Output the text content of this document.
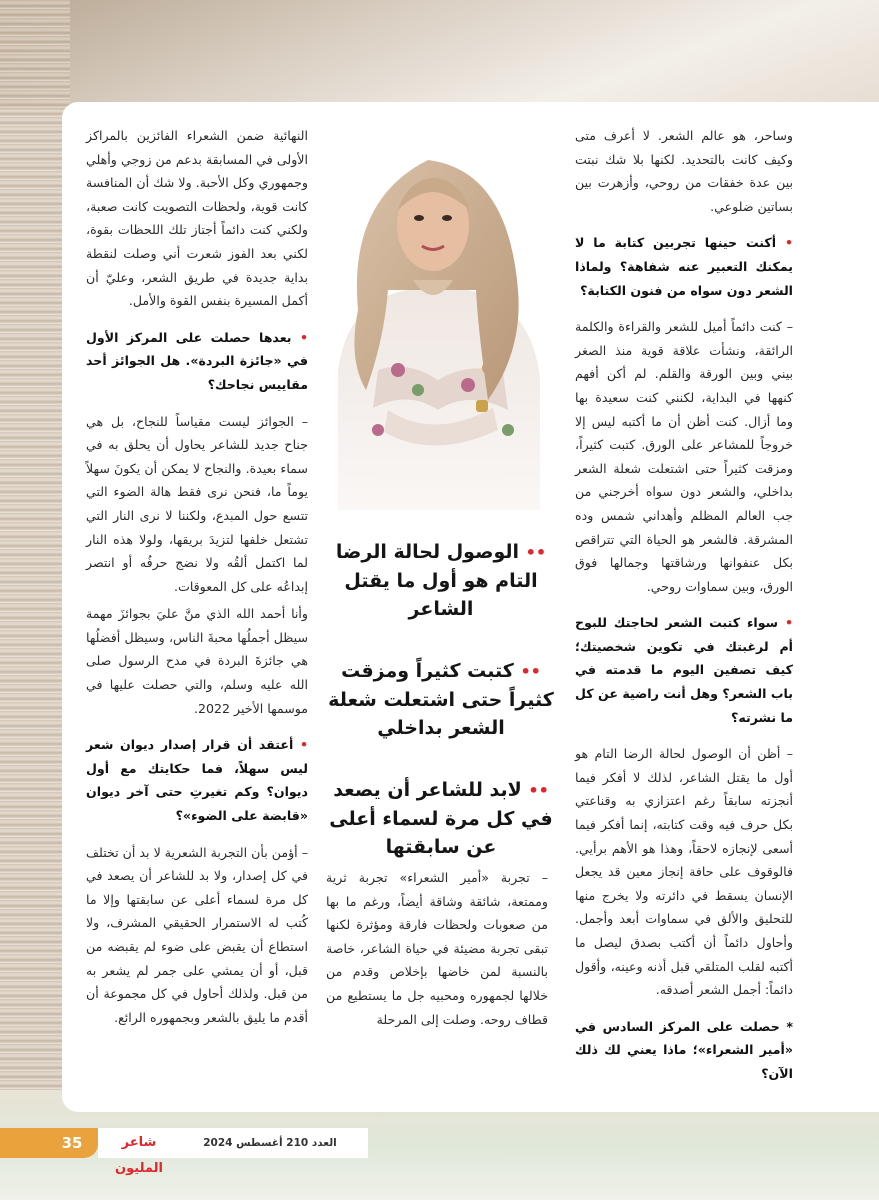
وساحر، هو عالم الشعر. لا أعرف متى وكيف كانت بالتحديد. لكنها بلا شك نبتت بين عدة خفقات من روحي، وأزهرت بين بساتين ضلوعي.

• أكنت حينها تجربين كتابة ما لا يمكنك التعبير عنه شفاهة؟ ولماذا الشعر دون سواه من فنون الكتابة؟

– كنت دائماً أميل للشعر والقراءة والكلمة الرائقة، ونشأت علاقة قوية منذ الصغر بيني وبين الورقة والقلم. لم أكن أفهم كنهها في البداية، لكنني كنت سعيدة بها وما أزال. كنت أظن أن ما أكتبه ليس إلا خروجاً للمشاعر على الورق. كتبت كثيراً، ومزقت كثيراً حتى اشتعلت شعلة الشعر بداخلي، والشعر دون سواه أخرجني من جب العالم المظلم وأهداني شمس وده المشرقة. فالشعر هو الحياة التي تتراقص بكل عنفوانها ورشاقتها وجمالها فوق الورق، وبين سماوات روحي.

• سواء كتبت الشعر لحاجتك للبوح أم لرغبتك في تكوين شخصيتك؛ كيف تصفين اليوم ما قدمته في باب الشعر؟ وهل أنت راضية عن كل ما نشرته؟

– أظن أن الوصول لحالة الرضا التام هو أول ما يقتل الشاعر، لذلك لا أفكر فيما أنجزته سابقاً رغم اعتزازي به وقناعتي بكل حرف فيه وقت كتابته، إنما أفكر فيما أسعى لإنجازه لاحقاً، وهذا هو الأهم برأيي. فالوقوف على حافة إنجاز معين قد يجعل الإنسان يسقط في دائرته ولا يخرج منها للتحليق والألق في سماوات أبعد وأجمل. وأحاول دائماً أن أكتب بصدق ليصل ما أكتبه لقلب المتلقي قبل أذنه وعينه، وأقول دائماً: أجمل الشعر أصدقه.

* حصلت على المركز السادس في «أمير الشعراء»؛ ماذا يعني لك ذلك الآن؟

•• الوصول لحالة الرضا التام هو أول ما يقتل الشاعر
•• كتبت كثيراً ومزقت كثيراً حتى اشتعلت شعلة الشعر بداخلي
•• لابد للشاعر أن يصعد في كل مرة لسماء أعلى عن سابقتها

– تجربة «أمير الشعراء» تجربة ثرية وممتعة، شائقة وشاقة أيضاً، ورغم ما بها من صعوبات ولحظات فارقة ومؤثرة لكنها تبقى تجربة مضيئة في حياة الشاعر، خاصة بالنسبة لمن خاضها بإخلاص وقدم من خلالها لجمهوره ومحبيه جل ما يستطيع من قطاف روحه. وصلت إلى المرحلة

النهائية ضمن الشعراء الفائزين بالمراكز الأولى في المسابقة بدعم من زوجي وأهلي وجمهوري وكل الأحبة. ولا شك أن المنافسة كانت قوية، ولحظات التصويت كانت صعبة، ولكني كنت دائماً أجتاز تلك اللحظات بقوة، لكني بعد الفوز شعرت أني وصلت لنقطة بداية جديدة في طريق الشعر، وعليّ أن أكمل المسيرة بنفس القوة والأمل.

• بعدها حصلت على المركز الأول في «جائزة البردة». هل الجوائز أحد مقاييس نجاحك؟

– الجوائز ليست مقياساً للنجاح، بل هي جناح جديد للشاعر يحاول أن يحلق به في سماء بعيدة. والنجاح لا يمكن أن يكونَ سهلاً يوماً ما، فنحن نرى فقط هالة الضوء التي تتسع حول المبدع، ولكننا لا نرى النار التي تشتعل خلفها لتزيدَ بريقها، ولولا هذه النار لما اكتمل ألقُه ولا نضج حرفُه أو انتصر إبداعُه على كل المعوقات.

وأنا أحمد الله الذي منَّ عليَ بجوائزَ مهمة سيظل أجملُها محبةَ الناس، وسيظل أفضلُها هي جائزةَ البردة في مدح الرسول صلى الله عليه وسلم، والتي حصلت عليها في موسمها الأخير 2022.

• أعتقد أن قرار إصدار ديوان شعر ليس سهلاً، فما حكايتك مع أول ديوان؟ وكم تغيرتِ حتى آخر ديوان «قابضة على الضوء»؟

– أؤمن بأن التجربة الشعرية لا بد أن تختلف في كل إصدار، ولا بد للشاعر أن يصعد في كل مرة لسماء أعلى عن سابقتها وإلا ما كُتب له الاستمرار الحقيقي المشرف، ولا استطاع أن يقبض على ضوء لم يقبضه من قبل، أو أن يمشي على جمر لم يشعر به من قبل. ولذلك أحاول في كل مجموعة أن أقدم ما يليق بالشعر وبجمهوره الرائع.

35	شاعر المليون
العدد 210 أغسطس 2024
